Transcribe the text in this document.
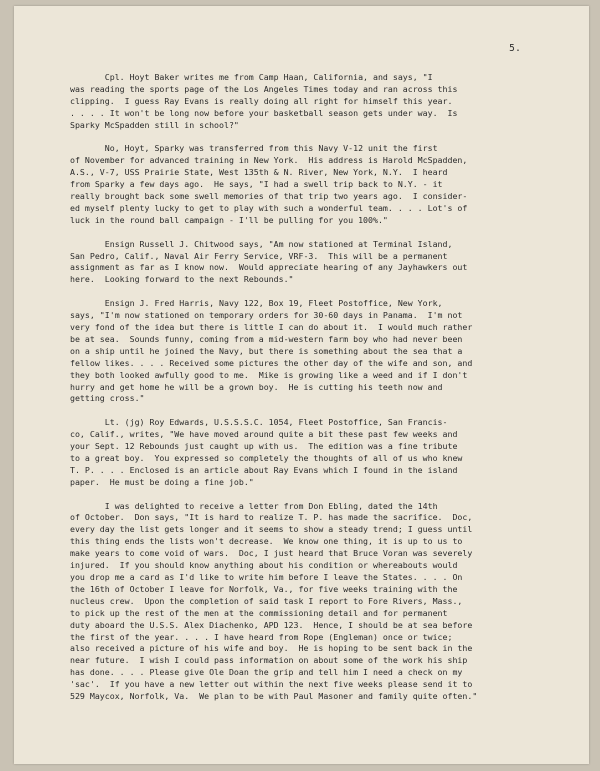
5.
Cpl. Hoyt Baker writes me from Camp Haan, California, and says, "I
was reading the sports page of the Los Angeles Times today and ran across this
clipping.  I guess Ray Evans is really doing all right for himself this year.
. . . . It won't be long now before your basketball season gets under way.  Is
Sparky McSpadden still in school?"
No, Hoyt, Sparky was transferred from this Navy V-12 unit the first
of November for advanced training in New York.  His address is Harold McSpadden,
A.S., V-7, USS Prairie State, West 135th & N. River, New York, N.Y.  I heard
from Sparky a few days ago.  He says, "I had a swell trip back to N.Y. - it
really brought back some swell memories of that trip two years ago.  I consider-
ed myself plenty lucky to get to play with such a wonderful team. . . . Lot's of
luck in the round ball campaign - I'll be pulling for you 100%."
Ensign Russell J. Chitwood says, "Am now stationed at Terminal Island,
San Pedro, Calif., Naval Air Ferry Service, VRF-3.  This will be a permanent
assignment as far as I know now.  Would appreciate hearing of any Jayhawkers out
here.  Looking forward to the next Rebounds."
Ensign J. Fred Harris, Navy 122, Box 19, Fleet Postoffice, New York,
says, "I'm now stationed on temporary orders for 30-60 days in Panama.  I'm not
very fond of the idea but there is little I can do about it.  I would much rather
be at sea.  Sounds funny, coming from a mid-western farm boy who had never been
on a ship until he joined the Navy, but there is something about the sea that a
fellow likes. . . . Received some pictures the other day of the wife and son, and
they both looked awfully good to me.  Mike is growing like a weed and if I don't
hurry and get home he will be a grown boy.  He is cutting his teeth now and
getting cross."
Lt. (jg) Roy Edwards, U.S.S.S.C. 1054, Fleet Postoffice, San Francis-
co, Calif., writes, "We have moved around quite a bit these past few weeks and
your Sept. 12 Rebounds just caught up with us.  The edition was a fine tribute
to a great boy.  You expressed so completely the thoughts of all of us who knew
T. P. . . . Enclosed is an article about Ray Evans which I found in the island
paper.  He must be doing a fine job."
I was delighted to receive a letter from Don Ebling, dated the 14th
of October.  Don says, "It is hard to realize T. P. has made the sacrifice.  Doc,
every day the list gets longer and it seems to show a steady trend; I guess until
this thing ends the lists won't decrease.  We know one thing, it is up to us to
make years to come void of wars.  Doc, I just heard that Bruce Voran was severely
injured.  If you should know anything about his condition or whereabouts would
you drop me a card as I'd like to write him before I leave the States. . . . On
the 16th of October I leave for Norfolk, Va., for five weeks training with the
nucleus crew.  Upon the completion of said task I report to Fore Rivers, Mass.,
to pick up the rest of the men at the commissioning detail and for permanent
duty aboard the U.S.S. Alex Diachenko, APD 123.  Hence, I should be at sea before
the first of the year. . . . I have heard from Rope (Engleman) once or twice;
also received a picture of his wife and boy.  He is hoping to be sent back in the
near future.  I wish I could pass information on about some of the work his ship
has done. . . . Please give Ole Doan the grip and tell him I need a check on my
'sac'.  If you have a new letter out within the next five weeks please send it to
529 Maycox, Norfolk, Va.  We plan to be with Paul Masoner and family quite often."
